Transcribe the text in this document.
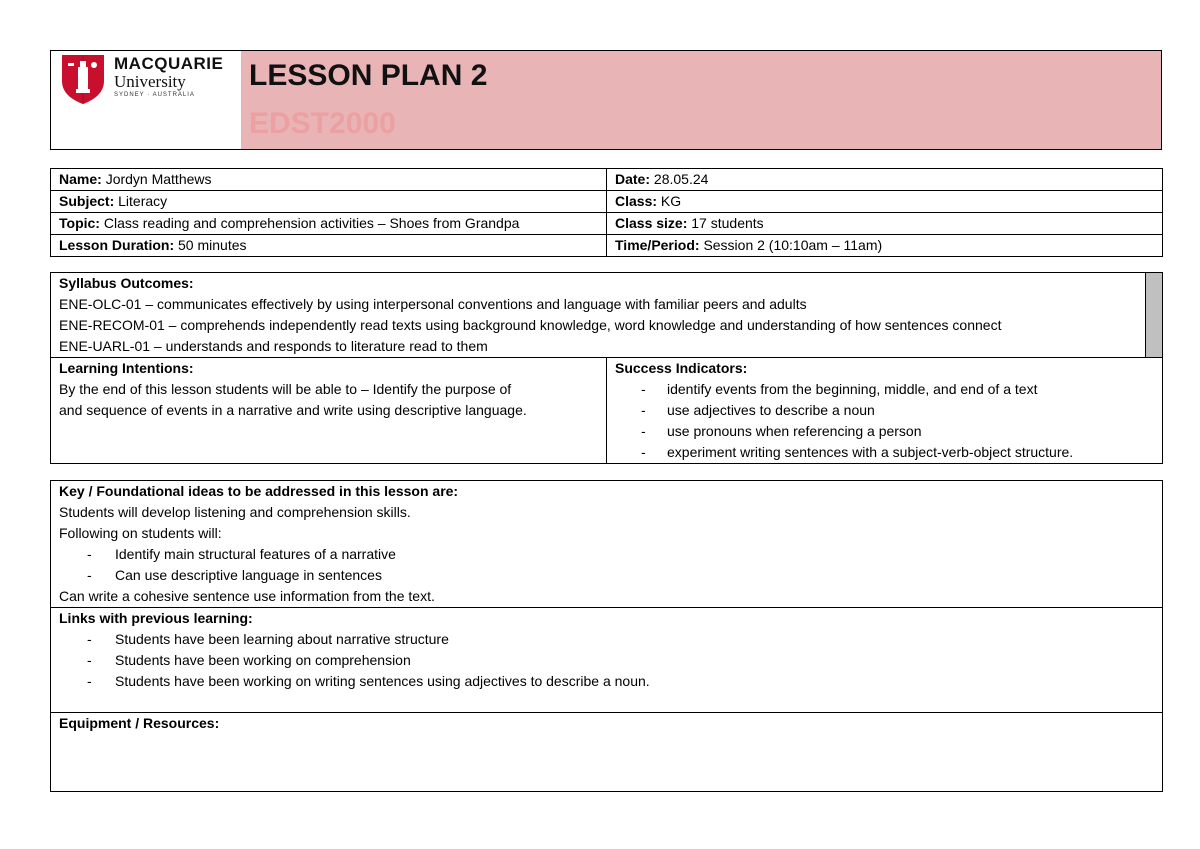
MACQUARIE
University
SYDNEY · AUSTRALIA
LESSON PLAN 2
EDST2000
Name: Jordyn Matthews	Date: 28.05.24
Subject: Literacy	Class: KG
Topic: Class reading and comprehension activities – Shoes from Grandpa	Class size: 17 students
Lesson Duration: 50 minutes	Time/Period: Session 2 (10:10am – 11am)
Syllabus Outcomes:
ENE-OLC-01 – communicates effectively by using interpersonal conventions and language with familiar peers and adults
ENE-RECOM-01 – comprehends independently read texts using background knowledge, word knowledge and understanding of how sentences connect
ENE-UARL-01 – understands and responds to literature read to them

Learning Intentions:
By the end of this lesson students will be able to – Identify the purpose of
and sequence of events in a narrative and write using descriptive language.

Success Indicators:
- identify events from the beginning, middle, and end of a text
- use adjectives to describe a noun
- use pronouns when referencing a person
- experiment writing sentences with a subject-verb-object structure.
Key / Foundational ideas to be addressed in this lesson are:
Students will develop listening and comprehension skills.
Following on students will:
- Identify main structural features of a narrative
- Can use descriptive language in sentences
Can write a cohesive sentence use information from the text.

Links with previous learning:
- Students have been learning about narrative structure
- Students have been working on comprehension
- Students have been working on writing sentences using adjectives to describe a noun.

Equipment / Resources:
